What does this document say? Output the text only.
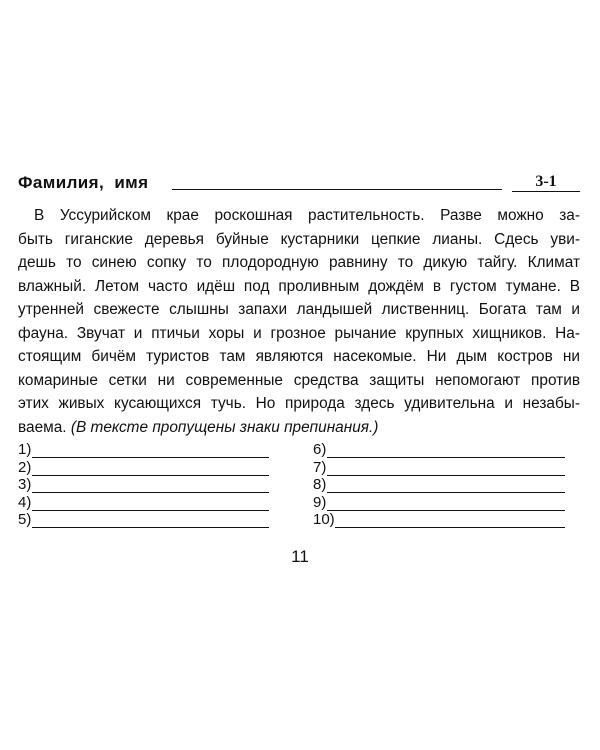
Фамилия,  имя	3-1
В Уссурийском крае роскошная растительность. Разве можно за-
быть гиганские деревья буйные кустарники цепкие лианы. Сдесь уви-
дешь то синею сопку то плодородную равнину то дикую тайгу. Климат
влажный. Летом часто идёш под проливным дождём в густом тумане. В
утренней свежесте слышны запахи ландышей лиственниц. Богата там и
фауна. Звучат и птичьи хоры и грозное рычание крупных хищников. На-
стоящим бичём туристов там являются насекомые. Ни дым костров ни
комариные сетки ни современные средства защиты непомогают против
этих живых кусающихся тучь. Но природа здесь удивительна и незабы-
ваема. (В тексте пропущены знаки препинания.)
1)
2)
3)
4)
5)
6)
7)
8)
9)
10)
11
